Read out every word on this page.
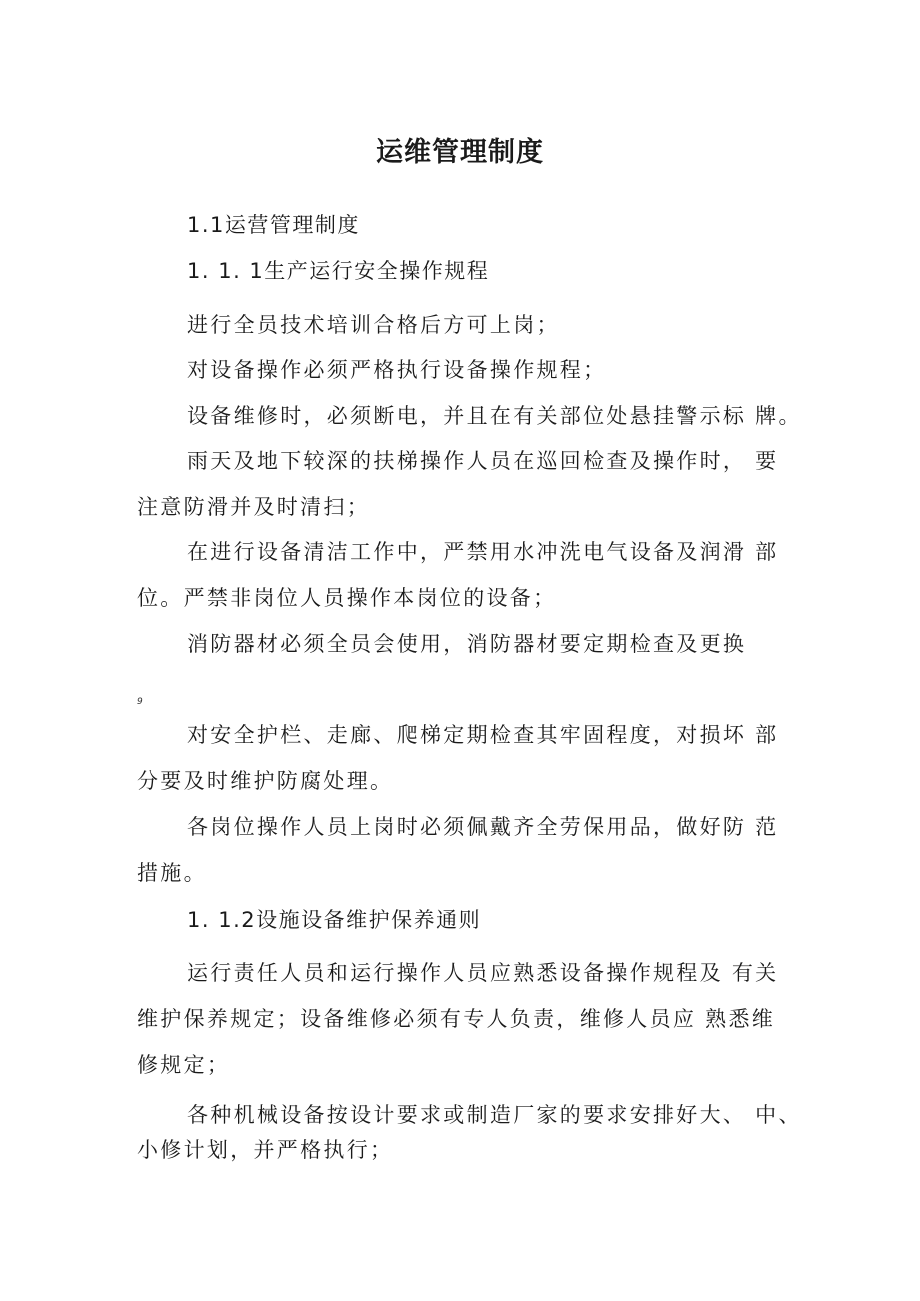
运维管理制度
1.1运营管理制度
1. 1. 1生产运行安全操作规程
进行全员技术培训合格后方可上岗；
对设备操作必须严格执行设备操作规程；
设备维修时，必须断电，并且在有关部位处悬挂警示标 牌。
雨天及地下较深的扶梯操作人员在巡回检查及操作时， 要
注意防滑并及时清扫；
在进行设备清洁工作中，严禁用水冲洗电气设备及润滑 部
位。严禁非岗位人员操作本岗位的设备；
消防器材必须全员会使用，消防器材要定期检查及更换
9
对安全护栏、走廊、爬梯定期检查其牢固程度，对损坏 部
分要及时维护防腐处理。
各岗位操作人员上岗时必须佩戴齐全劳保用品，做好防 范
措施。
1. 1.2设施设备维护保养通则
运行责任人员和运行操作人员应熟悉设备操作规程及 有关
维护保养规定；设备维修必须有专人负责，维修人员应 熟悉维
修规定；
各种机械设备按设计要求或制造厂家的要求安排好大、 中、
小修计划，并严格执行；
